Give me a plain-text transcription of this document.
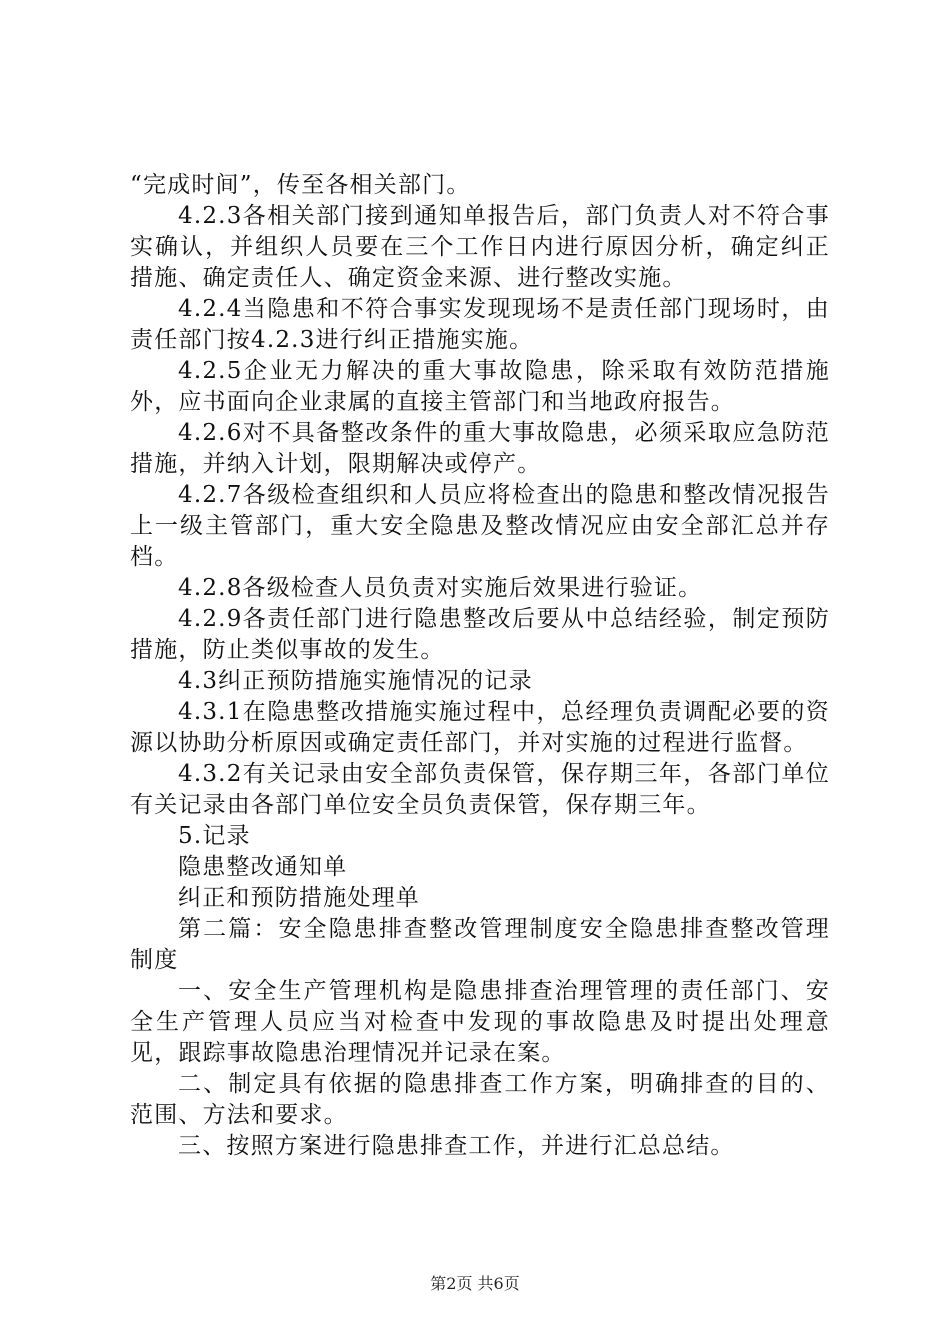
“完成时间”，传至各相关部门。

4.2.3各相关部门接到通知单报告后，部门负责人对不符合事实确认，并组织人员要在三个工作日内进行原因分析，确定纠正措施、确定责任人、确定资金来源、进行整改实施。

4.2.4当隐患和不符合事实发现现场不是责任部门现场时，由责任部门按4.2.3进行纠正措施实施。

4.2.5企业无力解决的重大事故隐患，除采取有效防范措施外，应书面向企业隶属的直接主管部门和当地政府报告。

4.2.6对不具备整改条件的重大事故隐患，必须采取应急防范措施，并纳入计划，限期解决或停产。

4.2.7各级检查组织和人员应将检查出的隐患和整改情况报告上一级主管部门，重大安全隐患及整改情况应由安全部汇总并存档。

4.2.8各级检查人员负责对实施后效果进行验证。

4.2.9各责任部门进行隐患整改后要从中总结经验，制定预防措施，防止类似事故的发生。

4.3纠正预防措施实施情况的记录

4.3.1在隐患整改措施实施过程中，总经理负责调配必要的资源以协助分析原因或确定责任部门，并对实施的过程进行监督。

4.3.2有关记录由安全部负责保管，保存期三年，各部门单位有关记录由各部门单位安全员负责保管，保存期三年。

5.记录

隐患整改通知单

纠正和预防措施处理单

第二篇：安全隐患排查整改管理制度安全隐患排查整改管理制度

一、安全生产管理机构是隐患排查治理管理的责任部门、安全生产管理人员应当对检查中发现的事故隐患及时提出处理意见，跟踪事故隐患治理情况并记录在案。

二、制定具有依据的隐患排查工作方案，明确排查的目的、范围、方法和要求。

三、按照方案进行隐患排查工作，并进行汇总总结。

第2页 共6页
